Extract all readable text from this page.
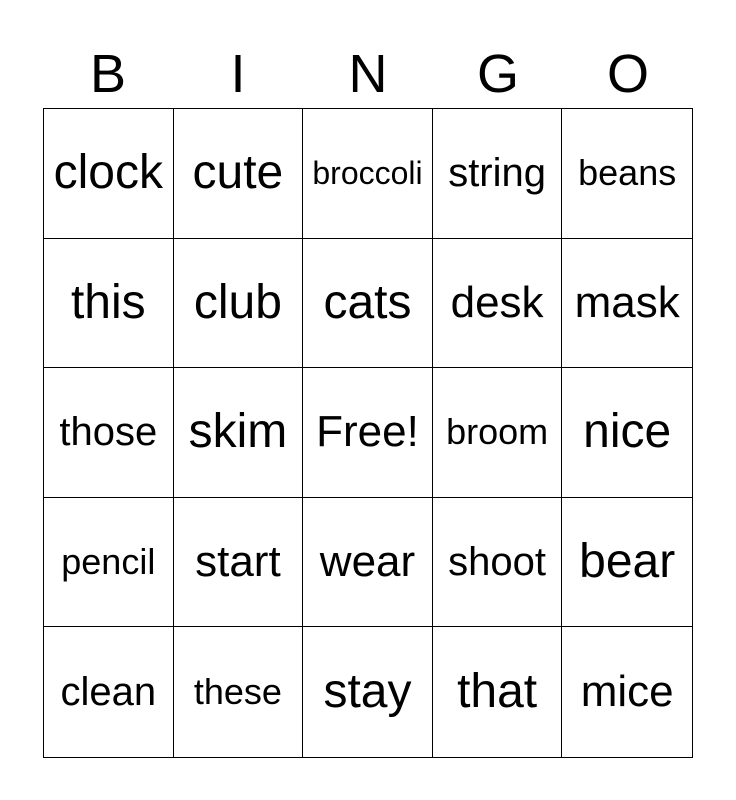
B	I	N	G	O
clock cute broccoli string beans
this club cats desk mask
those skim Free! broom nice
pencil start wear shoot bear
clean these stay that mice
